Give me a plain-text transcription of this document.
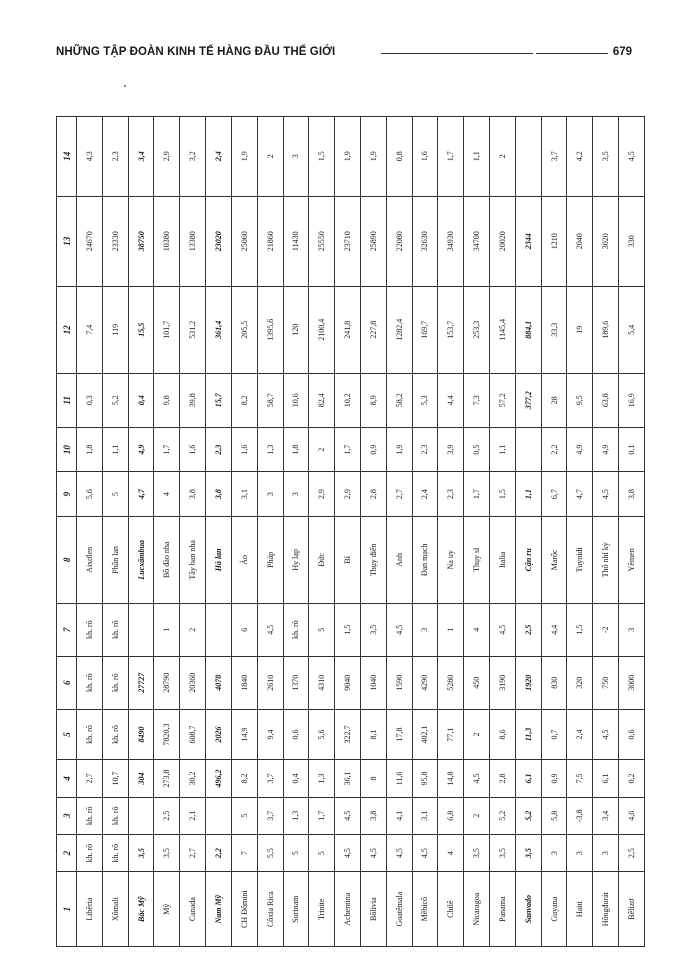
NHỮNG TẬP ĐOÀN KINH TẾ HÀNG ĐẦU THẾ GIỚI	679
1	2	3	4	5	6	7	8	9	10	11	12	13	14
Libêria	kh. rõ	kh. rõ	2,7	kh. rõ	kh. rõ	kh. rõ	Aixơlen	5,6	1,8	0,3	7,4	24670	4,3
Xômali	kh. rõ	kh. rõ	10,7	kh. rõ	kh. rõ	kh. rõ	Phần lan	5	1,1	5,2	119	23330	2,3
Bắc Mỹ	3,5		304	8490	27727		Lucxămbua	4,7	4,9	0,4	15,5	38750	3,4
Mỹ	3,5	2,5	273,8	7820,3	28790	1	Bồ đào nha	4	1,7	9,8	101,7	10380	2,9
Canada	2,7	2,1	30,2	608,7	20360	2	Tây ban nha	3,8	1,6	39,8	531,2	13380	3,2
Nam Mỹ	2,2		496,2	2026	4078		Hà lan	3,8	2,3	15,7	361,4	23020	2,4
CH Đômini	7	5	8,2	14,9	1840	6	Áo	3,1	1,6	8,2	205,5	25060	1,9
Côxta Rica	5,5	3,7	3,7	9,4	2610	4,5	Pháp	3	1,3	58,7	1395,6	21860	2
Surinam	5	1,3	0,4	0,6	1370	kh. rõ	Hy lạp	3	1,8	10,6	120	11430	3
Trinite	5	1,7	1,3	5,6	4310	5	Đức	2,9	2	82,4	2100,4	25550	1,5
Achentina	4,5	4,5	36,1	322,7	9040	1,5	Bỉ	2,9	1,7	10,2	241,8	23710	1,9
Bôlivia	4,5	3,8	8	8,1	1040	3,5	Thụy điển	2,8	0,9	8,9	227,8	25890	1,9
Goatêmala	4,5	4,1	11,6	17,8	1590	4,5	Anh	2,7	1,9	58,2	1282,4	22080	0,8
Mêhicô	4,5	3,1	95,8	402,1	4290	3	Đan mạch	2,4	2,3	5,3	169,7	32630	1,6
Chilê	4	6,8	14,8	77,1	5280	1	Na uy	2,3	3,9	4,4	153,7	34930	1,7
Nicaragoa	3,5	2	4,5	2	450	4	Thụy sĩ	1,7	0,5	7,3	253,3	34700	1,1
Panama	3,5	5,2	2,8	8,6	3190	4,5	Italia	1,5	1,1	57,2	1145,4	20020	2
Sanvado	3,5	5,2	6,1	11,3	1920	2,5	Cận ru	1,1		377,2	884,1	2344	
Guyana	3	5,8	0,9	0,7	830	4,4	Marốc	6,7	2,2	28	33,3	1210	3,7
Haiti	3	-3,8	7,5	2,4	320	1,5	Tuynidi	4,7	4,9	9,5	19	2040	4,2
Hôngđurát	3	3,4	6,1	4,5	750	-2	Thổ nhĩ kỳ	4,5	4,9	63,8	189,6	3020	3,5
Bêlizơ	2,5	4,6	0,2	0,6	3000	3	Yêmen	3,8	0,1	16,9	5,4	330	4,5
